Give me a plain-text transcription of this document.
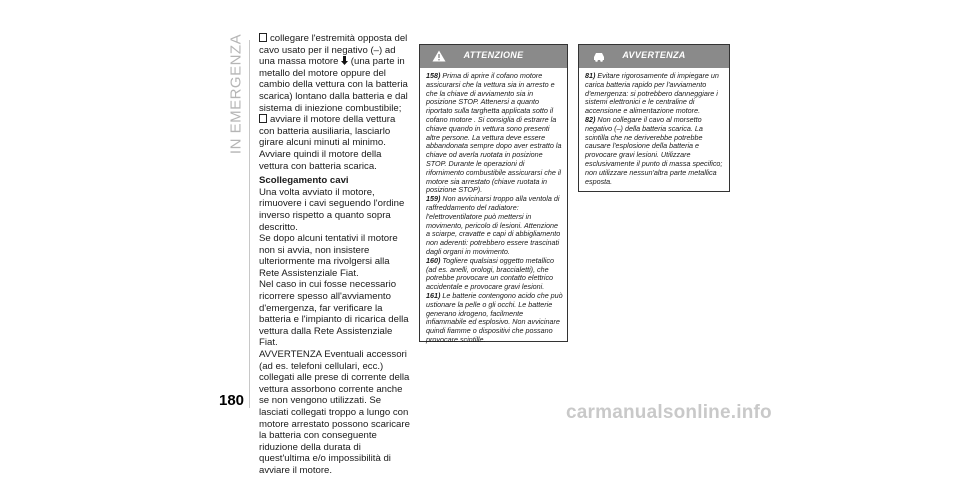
IN EMERGENZA	collegare l'estremità opposta del cavo usato per il negativo (–) ad una massa motore (una parte in metallo del motore oppure del cambio della vettura con la batteria scarica) lontano dalla batteria e dal sistema di iniezione combustibile;

avviare il motore della vettura con batteria ausiliaria, lasciarlo girare alcuni minuti al minimo. Avviare quindi il motore della vettura con batteria scarica.

Scollegamento cavi

Una volta avviato il motore, rimuovere i cavi seguendo l'ordine inverso rispetto a quanto sopra descritto.

Se dopo alcuni tentativi il motore non si avvia, non insistere ulteriormente ma rivolgersi alla Rete Assistenziale Fiat.

Nel caso in cui fosse necessario ricorrere spesso all'avviamento d'emergenza, far verificare la batteria e l'impianto di ricarica della vettura dalla Rete Assistenziale Fiat.

AVVERTENZA Eventuali accessori (ad es. telefoni cellulari, ecc.) collegati alle prese di corrente della vettura assorbono corrente anche se non vengono utilizzati. Se lasciati collegati troppo a lungo con motore arrestato possono scaricare la batteria con conseguente riduzione della durata di quest'ultima e/o impossibilità di avviare il motore.

ATTENZIONE

158) Prima di aprire il cofano motore assicurarsi che la vettura sia in arresto e che la chiave di avviamento sia in posizione STOP. Attenersi a quanto riportato sulla targhetta applicata sotto il cofano motore . Si consiglia di estrarre la chiave quando in vettura sono presenti altre persone. La vettura deve essere abbandonata sempre dopo aver estratto la chiave od averla ruotata in posizione STOP. Durante le operazioni di rifornimento combustibile assicurarsi che il motore sia arrestato (chiave ruotata in posizione STOP).

159) Non avvicinarsi troppo alla ventola di raffreddamento del radiatore: l'elettroventilatore può mettersi in movimento, pericolo di lesioni. Attenzione a sciarpe, cravatte e capi di abbigliamento non aderenti: potrebbero essere trascinati dagli organi in movimento.

160) Togliere qualsiasi oggetto metallico (ad es. anelli, orologi, braccialetti), che potrebbe provocare un contatto elettrico accidentale e provocare gravi lesioni.

161) Le batterie contengono acido che può ustionare la pelle o gli occhi. Le batterie generano idrogeno, facilmente infiammabile ed esplosivo. Non avvicinare quindi fiamme o dispositivi che possano provocare scintille.

AVVERTENZA

81) Evitare rigorosamente di impiegare un carica batteria rapido per l'avviamento d'emergenza: si potrebbero danneggiare i sistemi elettronici e le centraline di accensione e alimentazione motore.

82) Non collegare il cavo al morsetto negativo (–) della batteria scarica. La scintilla che ne deriverebbe potrebbe causare l'esplosione della batteria e provocare gravi lesioni. Utilizzare esclusivamente il punto di massa specifico; non utilizzare nessun'altra parte metallica esposta.

180
carmanualsonline.info
